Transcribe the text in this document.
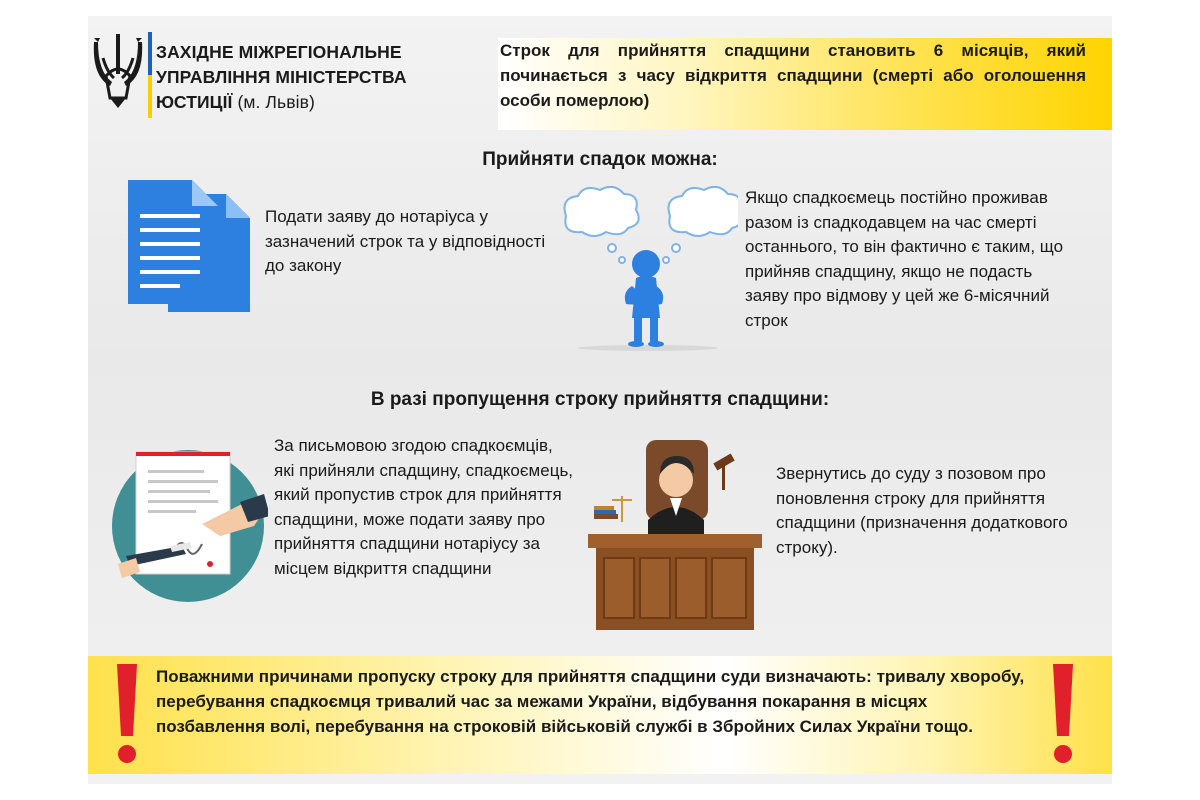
ЗАХІДНЕ МІЖРЕГІОНАЛЬНЕ
УПРАВЛІННЯ МІНІСТЕРСТВА
ЮСТИЦІЇ (м. Львів)
Строк для прийняття спадщини становить 6 місяців, який починається з часу відкриття спадщини (смерті або оголошення особи померлою)
Прийняти спадок можна:
Подати заяву до нотаріуса у зазначений строк та у відповідності до закону
Якщо спадкоємець постійно проживав разом із спадкодавцем на час смерті останнього, то він фактично є таким, що прийняв спадщину, якщо не подасть заяву про відмову у цей же 6-місячний строк
В разі пропущення строку прийняття спадщини:
За письмовою згодою спадкоємців, які прийняли спадщину, спадкоємець, який пропустив строк для прийняття спадщини, може подати заяву про прийняття спадщини нотаріусу за місцем відкриття спадщини
Звернутись до суду з позовом про поновлення строку для прийняття спадщини (призначення додаткового строку).
Поважними причинами пропуску строку для прийняття спадщини суди визначають: тривалу хворобу, перебування спадкоємця тривалий час за межами України, відбування покарання в місцях позбавлення волі, перебування на строковій військовій службі в Збройних Силах України тощо.
